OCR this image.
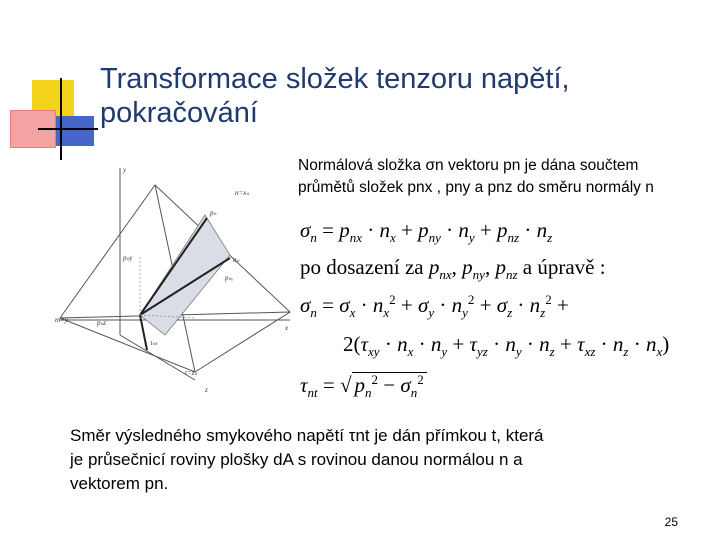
Transformace složek tenzoru napětí,
pokračování
Normálová složka σn vektoru pn je dána součtem
průmětů složek pnx , pny a pnz do směru normály n
y
n=xₙ
pₙ
pₙy
pₙₓ
pₙz
m=y
x
τₙₜ
σₙ
t=zₙ
z
$\sigma_n = p_{nx} \cdot n_x + p_{ny} \cdot n_y + p_{nz} \cdot n_z$
po dosazení za $p_{nx}$, $p_{ny}$, $p_{nz}$ a úpravě :
$\sigma_n = \sigma_x \cdot n_x^2 + \sigma_y \cdot n_y^2 + \sigma_z \cdot n_z^2$ +
$2(\tau_{xy} \cdot n_x \cdot n_y + \tau_{yz} \cdot n_y \cdot n_z + \tau_{xz} \cdot n_z \cdot n_x)$
$\tau_{nt}$ = √ $p_n^2 - \sigma_n^2$
Směr výsledného smykového napětí τnt je dán přímkou t, která
je průsečnicí roviny plošky dA s rovinou danou normálou n a
vektorem pn.
25
